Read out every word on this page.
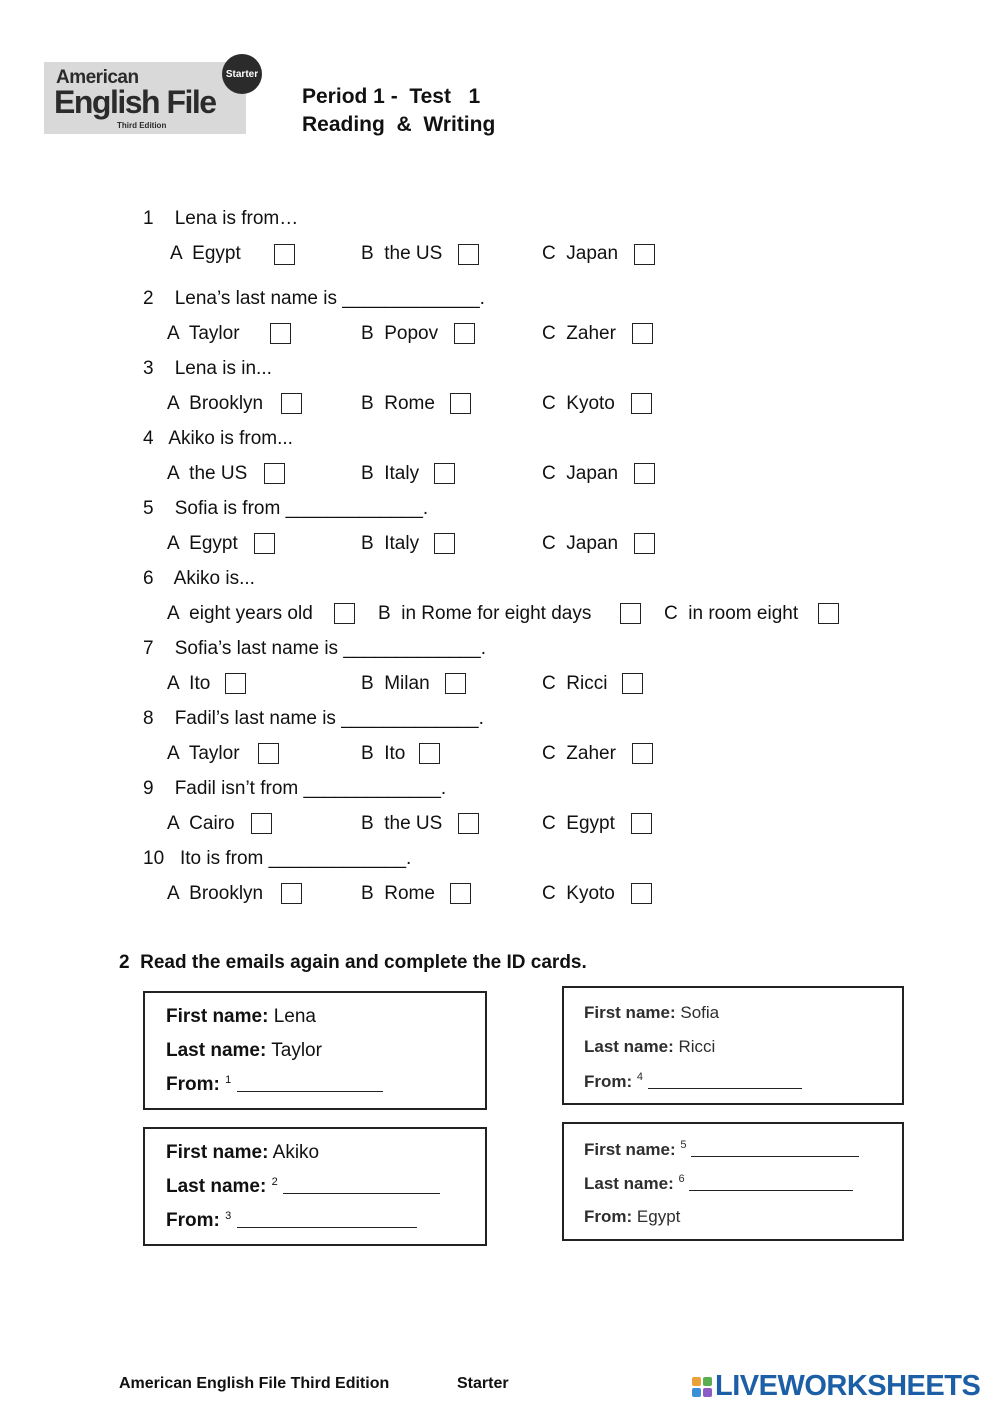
American
English File
Third Edition
Starter
Period 1 -  Test   1
Reading  &  Writing
1 Lena is from…
A  Egypt	B  the US	C  Japan
2 Lena’s last name is _____________.
A  Taylor	B  Popov	C  Zaher
3 Lena is in...
A  Brooklyn	B  Rome	C  Kyoto
4 Akiko is from...
A  the US	B  Italy	C  Japan
5 Sofia is from _____________.
A  Egypt	B  Italy	C  Japan
6 Akiko is...
A  eight years old	B  in Rome for eight days	C  in room eight
7 Sofia’s last name is _____________.
A  Ito	B  Milan	C  Ricci
8 Fadil’s last name is _____________.
A  Taylor	B  Ito	C  Zaher
9 Fadil isn’t from _____________.
A  Cairo	B  the US	C  Egypt
10 Ito is from _____________.
A  Brooklyn	B  Rome	C  Kyoto
2 Read the emails again and complete the ID cards.
First name: Lena
Last name: Taylor
From: $^1$
First name: Sofia
Last name: Ricci
From: $^4$
First name: Akiko
Last name: $^2$
From: $^3$
First name: $^5$
Last name: $^6$
From: Egypt
American English File Third Edition	Starter	LIVEWORKSHEETS
